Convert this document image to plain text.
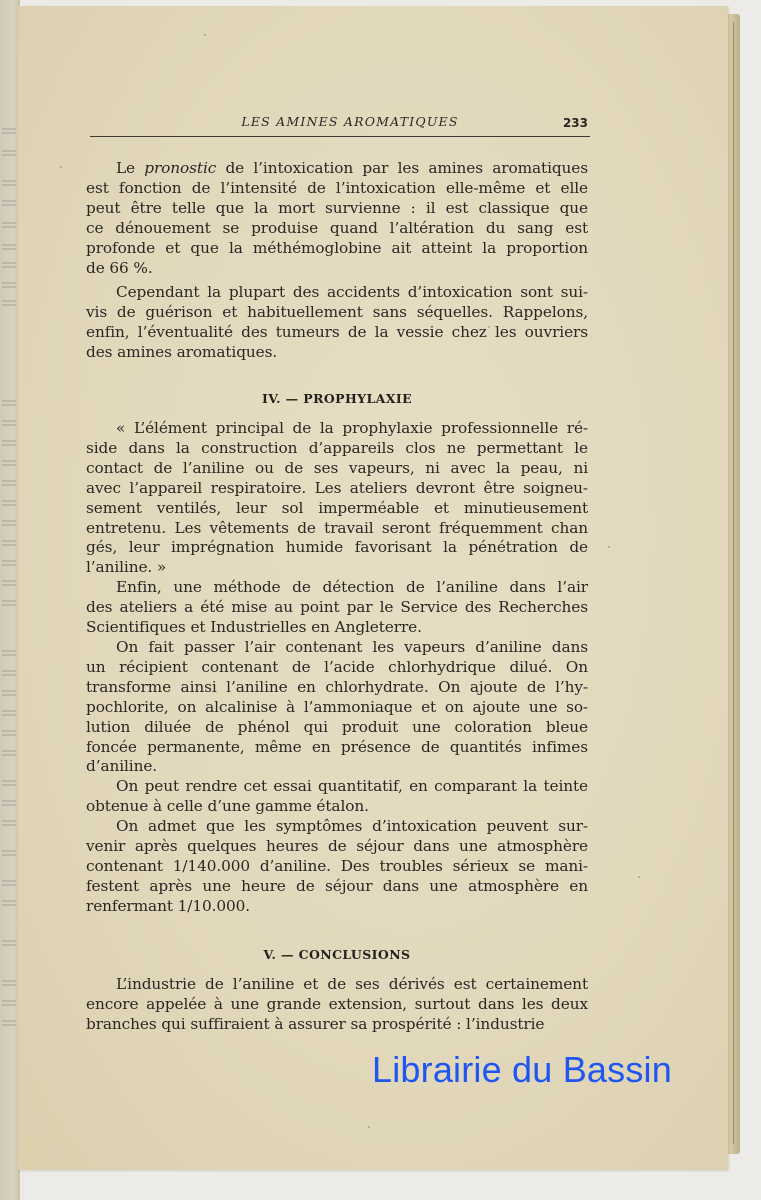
LES AMINES AROMATIQUES	233

Le pronostic de l’intoxication par les amines aromatiques
est fonction de l’intensité de l’intoxication elle-même et elle
peut être telle que la mort survienne : il est classique que
ce dénouement se produise quand l’altération du sang est
profonde et que la méthémoglobine ait atteint la proportion
de 66 %.

Cependant la plupart des accidents d’intoxication sont sui-
vis de guérison et habituellement sans séquelles. Rappelons,
enfin, l’éventualité des tumeurs de la vessie chez les ouvriers
des amines aromatiques.

IV. — PROPHYLAXIE

« L’élément principal de la prophylaxie professionnelle ré-
side dans la construction d’appareils clos ne permettant le
contact de l’aniline ou de ses vapeurs, ni avec la peau, ni
avec l’appareil respiratoire. Les ateliers devront être soigneu-
sement ventilés, leur sol imperméable et minutieusement
entretenu. Les vêtements de travail seront fréquemment chan
gés, leur imprégnation humide favorisant la pénétration de
l’aniline. »

Enfin, une méthode de détection de l’aniline dans l’air
des ateliers a été mise au point par le Service des Recherches
Scientifiques et Industrielles en Angleterre.

On fait passer l’air contenant les vapeurs d’aniline dans
un récipient contenant de l’acide chlorhydrique dilué. On
transforme ainsi l’aniline en chlorhydrate. On ajoute de l’hy-
pochlorite, on alcalinise à l’ammoniaque et on ajoute une so-
lution diluée de phénol qui produit une coloration bleue
foncée permanente, même en présence de quantités infimes
d’aniline.

On peut rendre cet essai quantitatif, en comparant la teinte
obtenue à celle d’une gamme étalon.

On admet que les symptômes d’intoxication peuvent sur-
venir après quelques heures de séjour dans une atmosphère
contenant 1/140.000 d’aniline. Des troubles sérieux se mani-
festent après une heure de séjour dans une atmosphère en
renfermant 1/10.000.

V. — CONCLUSIONS

L’industrie de l’aniline et de ses dérivés est certainement
encore appelée à une grande extension, surtout dans les deux
branches qui suffiraient à assurer sa prospérité : l’industrie

Librairie du Bassin
